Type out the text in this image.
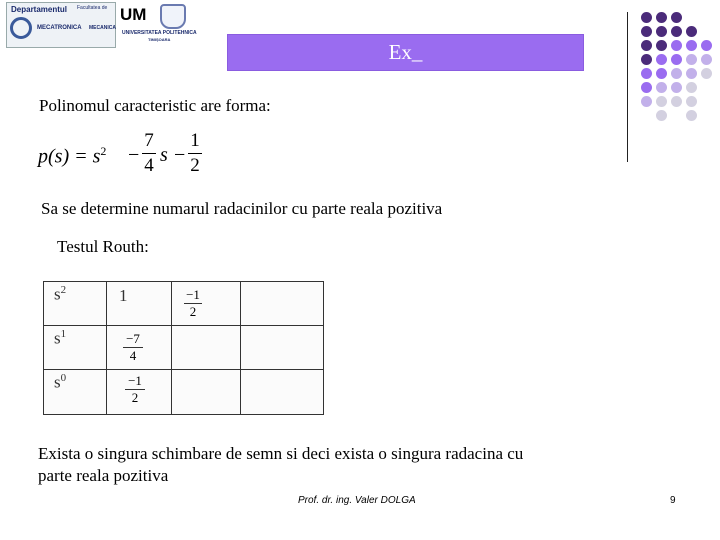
Departamentul Facultatea de
MECATRONICA MECANICA
UM
UNIVERSITATEA POLITEHNICA
TIMIŞOARA
Ex_
Polinomul caracteristic are forma:
$p(s) = s^2$ −
7
4 s −
1
2
Sa se determine numarul radacinilor cu parte reala pozitiva
Testul Routh:
$s^2$	1	−1
2	

$s^1$	−7
4		

$s^0$	−1
2		

Exista o singura schimbare de semn si deci exista o singura radacina cu
parte reala pozitiva
Prof. dr. ing. Valer DOLGA	9
